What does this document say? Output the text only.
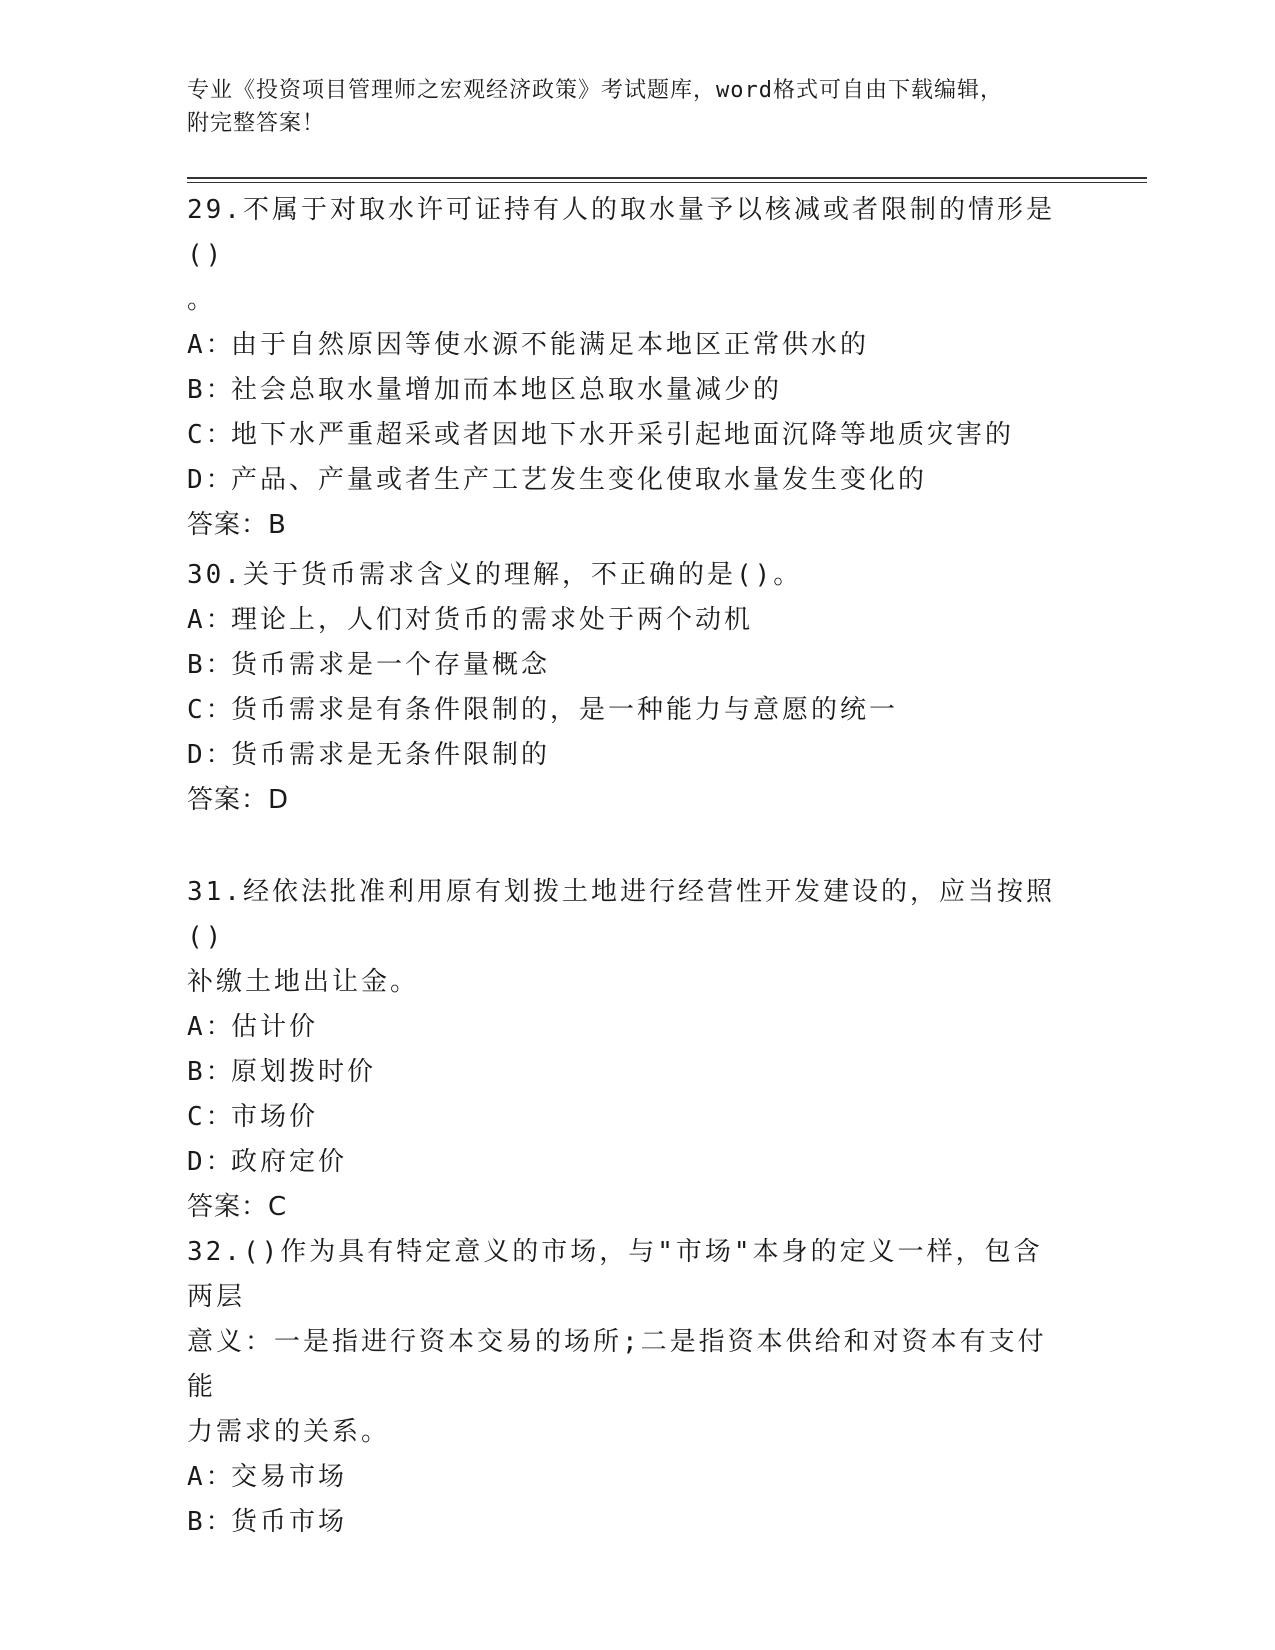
专业《投资项目管理师之宏观经济政策》考试题库，word格式可自由下载编辑，
附完整答案！

29.不属于对取水许可证持有人的取水量予以核减或者限制的情形是()

。

A：
由于自然原因等使水源不能满足本地区正常供水的
B：
社会总取水量增加而本地区总取水量减少的
C：
地下水严重超采或者因地下水开采引起地面沉降等地质灾害的
D：
产品、产量或者生产工艺发生变化使取水量发生变化的

答案：B

30.关于货币需求含义的理解，不正确的是()。

A：
理论上，人们对货币的需求处于两个动机
B：
货币需求是一个存量概念
C：
货币需求是有条件限制的，是一种能力与意愿的统一
D：
货币需求是无条件限制的

答案：D

31.经依法批准利用原有划拨土地进行经营性开发建设的，应当按照()

补缴土地出让金。

A：
估计价
B：
原划拨时价
C：
市场价
D：
政府定价

答案：C

32.()作为具有特定意义的市场，与"市场"本身的定义一样，包含两层

意义：一是指进行资本交易的场所;二是指资本供给和对资本有支付能

力需求的关系。

A：
交易市场
B：
货币市场
